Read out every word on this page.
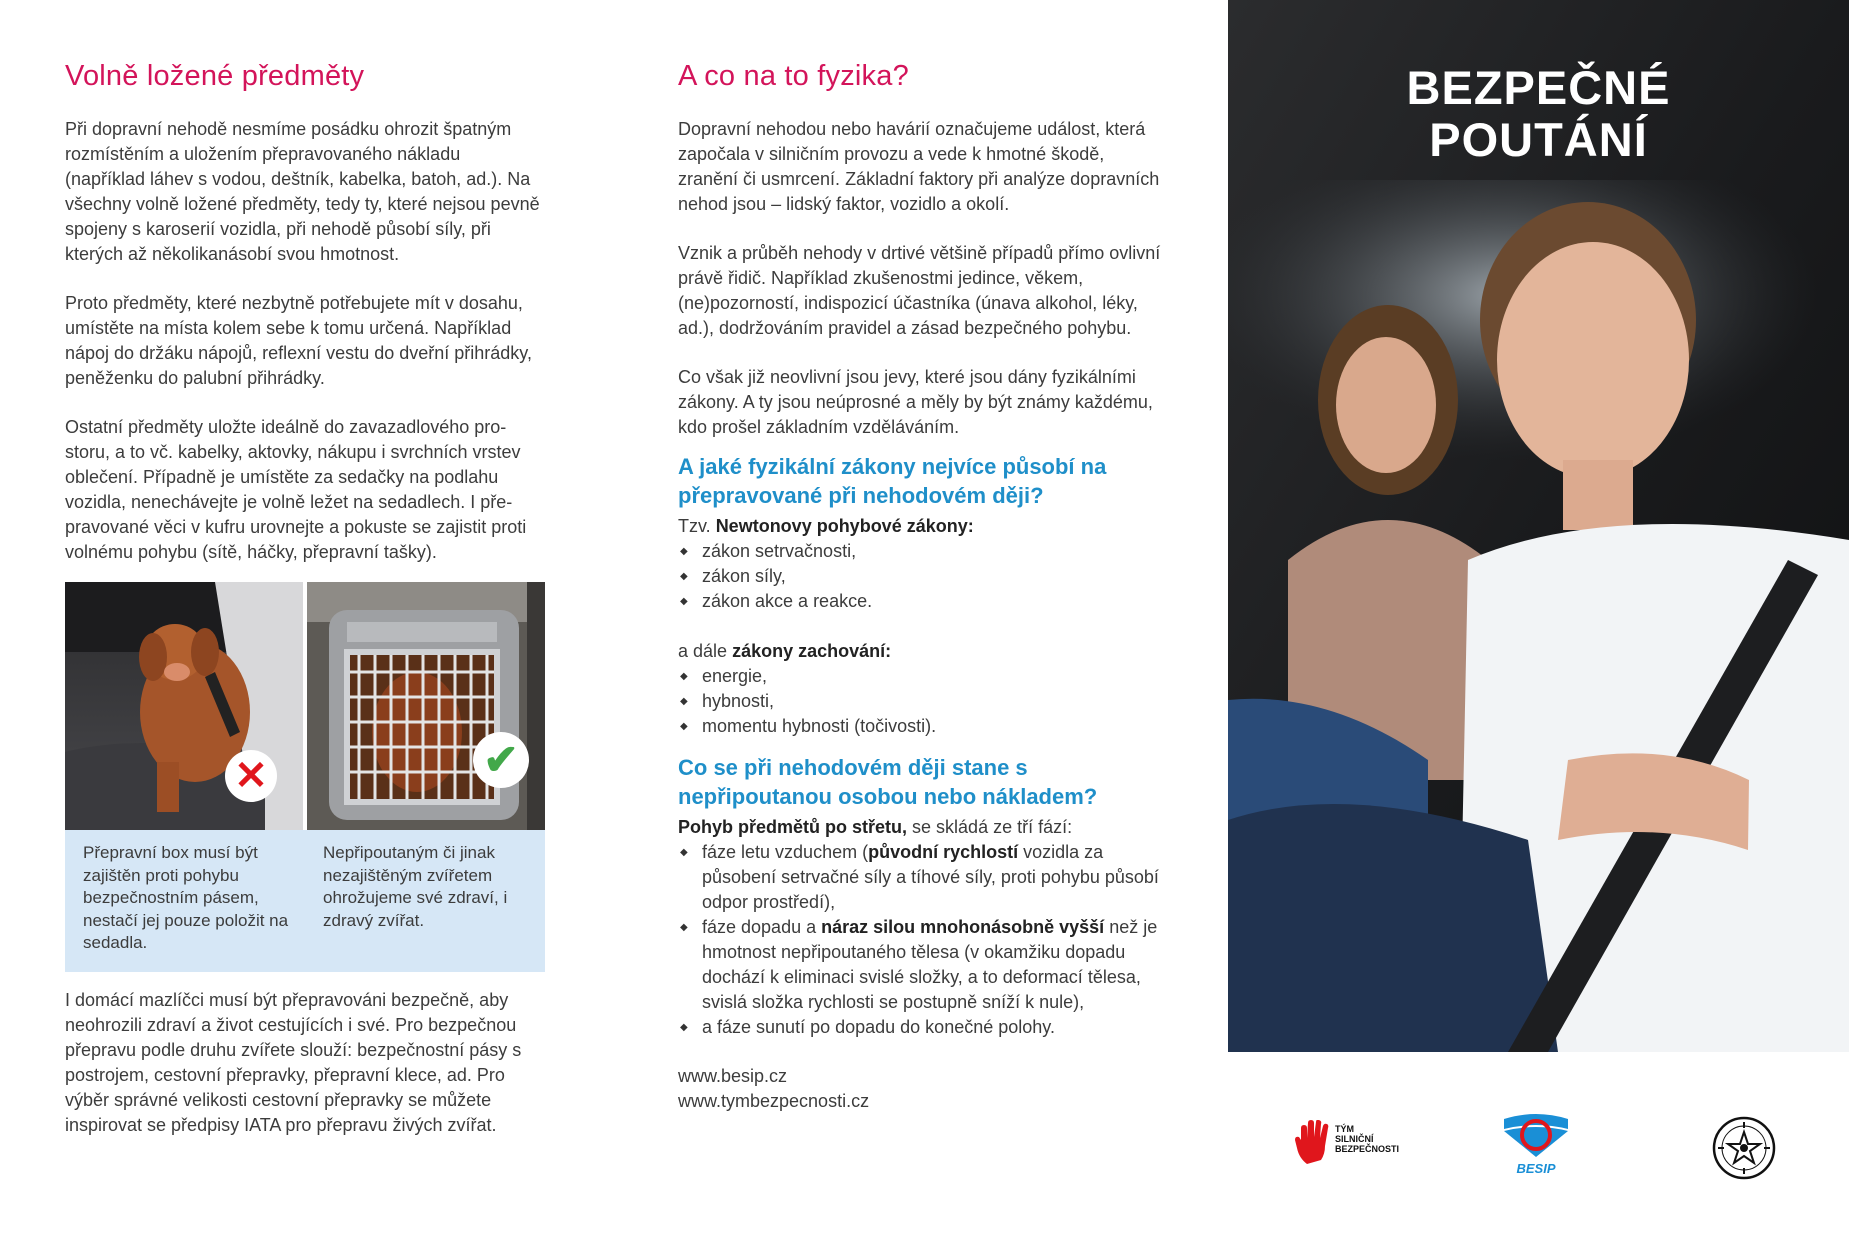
Volně ložené předměty

Při dopravní nehodě nesmíme posádku ohrozit špatným rozmístěním a uložením přepravovaného nákladu (například láhev s vodou, deštník, kabelka, batoh, ad.). Na všechny volně ložené předměty, tedy ty, které nejsou pevně spojeny s karoserií vozidla, při nehodě působí síly, při kterých až několikanásobí svou hmotnost.

Proto předměty, které nezbytně potřebujete mít v dosahu, umístěte na místa kolem sebe k tomu určená. Například nápoj do držáku nápojů, reflexní vestu do dveřní přihrádky, peněženku do palubní přihrádky.

Ostatní předměty uložte ideálně do zavazadlového prostoru, a to vč. kabelky, aktovky, nákupu i svrchních vrstev oblečení. Případně je umístěte za sedačky na podlahu vozidla, nenechávejte je volně ležet na sedadlech. I přepravované věci v kufru urovnejte a pokuste se zajistit proti volnému pohybu (sítě, háčky, přepravní tašky).

✕	✔
Přepravní box musí být zajištěn proti pohybu bezpečnostním pásem, nestačí jej pouze položit na sedadla.
Nepřipoutaným či jinak nezajištěným zvířetem ohrožujeme své zdraví, i zdravý zvířat.

I domácí mazlíčci musí být přepravováni bezpečně, aby neohrozili zdraví a život cestujících i své. Pro bezpečnou přepravu podle druhu zvířete slouží: bezpečnostní pásy s postrojem, cestovní přepravky, přepravní klece, ad. Pro výběr správné velikosti cestovní přepravky se můžete inspirovat se předpisy IATA pro přepravu živých zvířat.

A co na to fyzika?

Dopravní nehodou nebo havárií označujeme událost, která započala v silničním provozu a vede k hmotné škodě, zranění či usmrcení. Základní faktory při analýze dopravních nehod jsou – lidský faktor, vozidlo a okolí.

Vznik a průběh nehody v drtivé většině případů přímo ovlivní právě řidič. Například zkušenostmi jedince, věkem, (ne)pozorností, indispozicí účastníka (únava alkohol, léky, ad.), dodržováním pravidel a zásad bezpečného pohybu.

Co však již neovlivní jsou jevy, které jsou dány fyzikálními zákony. A ty jsou neúprosné a měly by být známy každému, kdo prošel základním vzděláváním.

A jaké fyzikální zákony nejvíce působí na přepravované při nehodovém ději?
Tzv. Newtonovy pohybové zákony:
◆ zákon setrvačnosti,
◆ zákon síly,
◆ zákon akce a reakce.
a dále zákony zachování:
◆ energie,
◆ hybnosti,
◆ momentu hybnosti (točivosti).
Co se při nehodovém ději stane s nepřipoutanou osobou nebo nákladem?
Pohyb předmětů po střetu, se skládá ze tří fází:
◆ fáze letu vzduchem (původní rychlostí vozidla za působení setrvačné síly a tíhové síly, proti pohybu působí odpor prostředí),
◆ fáze dopadu a náraz silou mnohonásobně vyšší než je hmotnost nepřipoutaného tělesa (v okamžiku dopadu dochází k eliminaci svislé složky, a to deformací tělesa, svislá složka rychlosti se postupně sníží k nule),
◆ a fáze sunutí po dopadu do konečné polohy.
www.besip.cz
www.tymbezpecnosti.cz
BEZPEČNÉ
POUTÁNÍ
TÝM
SILNIČNÍ
BEZPEČNOSTI
BESIP
